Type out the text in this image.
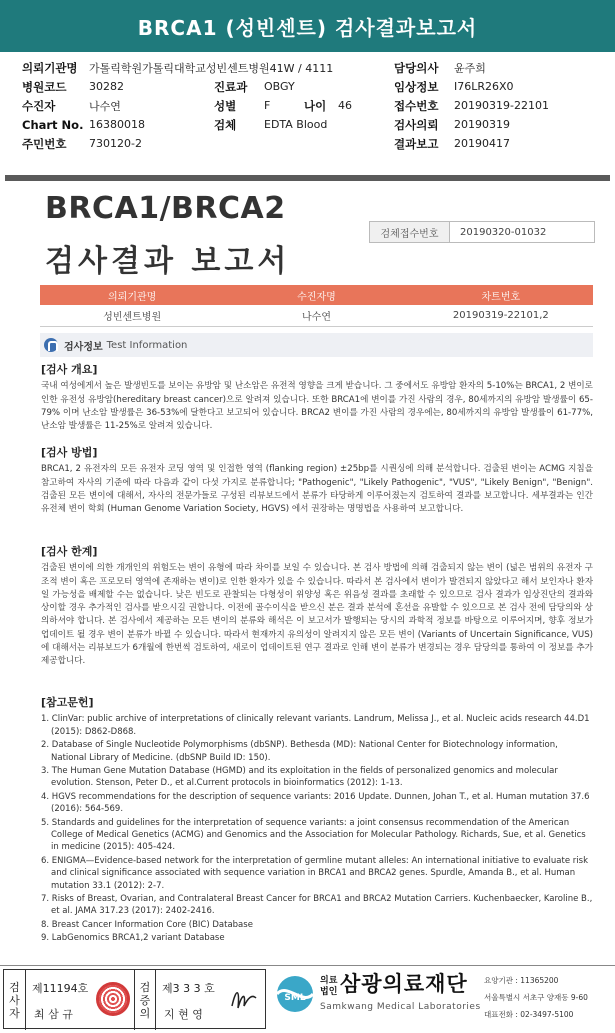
BRCA1 (성빈센트) 검사결과보고서
의뢰기관명	가톨릭학원가톨릭대학교성빈센트병원41W / 4111	담당의사	윤주희
병원코드	30282	진료과	OBGY	임상정보	I76LR26X0
수진자	나수연	성별	F	나이	46	접수번호	20190319-22101
Chart No. 16380018	검체	EDTA Blood	검사의뢰	20190319
주민번호	730120-2	결과보고	20190417
BRCA1/BRCA2
검사결과 보고서
검체접수번호	20190320-01032
의뢰기관명	수진자명	차트번호
성빈센트병원	나수연	20190319-22101,2
검사정보 Test Information
[검사 개요]

국내 여성에게서 높은 발생빈도를 보이는 유방암 및 난소암은 유전적 영향을 크게 받습니다. 그 중에서도 유방암 환자의 5-10%는 BRCA1, 2 변이로 인한 유전성 유방암(hereditary breast cancer)으로 알려져 있습니다. 또한 BRCA1에 변이를 가진 사람의 경우, 80세까지의 유방암 발생률이 65-79% 이며 난소암 발생률은 36-53%에 달한다고 보고되어 있습니다. BRCA2 변이를 가진 사람의 경우에는, 80세까지의 유방암 발생률이 61-77%, 난소암 발생률은 11-25%로 알려져 있습니다.

[검사 방법]

BRCA1, 2 유전자의 모든 유전자 코딩 영역 및 인접한 영역 (flanking region) ±25bp를 시퀀싱에 의해 분석합니다. 검출된 변이는 ACMG 지침을 참고하여 자사의 기준에 따라 다음과 같이 다섯 가지로 분류합니다; "Pathogenic", "Likely Pathogenic", "VUS", "Likely Benign", "Benign". 검출된 모든 변이에 대해서, 자사의 전문가들로 구성된 리뷰보드에서 분류가 타당하게 이루어졌는지 검토하여 결과를 보고합니다. 세부결과는 인간 유전체 변이 학회 (Human Genome Variation Society, HGVS) 에서 권장하는 명명법을 사용하여 보고합니다.

[검사 한계]

검출된 변이에 의한 개개인의 위험도는 변이 유형에 따라 차이를 보일 수 있습니다. 본 검사 방법에 의해 검출되지 않는 변이 (넓은 범위의 유전자 구조적 변이 혹은 프로모터 영역에 존재하는 변이)로 인한 환자가 있을 수 있습니다. 따라서 본 검사에서 변이가 발견되지 않았다고 해서 보인자나 환자일 가능성을 배제할 수는 없습니다. 낮은 빈도로 관찰되는 다형성이 위양성 혹은 위음성 결과를 초래할 수 있으므로 검사 결과가 임상진단의 결과와 상이할 경우 추가적인 검사를 받으시길 권합니다. 이전에 골수이식을 받으신 분은 결과 분석에 혼선을 유발할 수 있으므로 본 검사 전에 담당의와 상의하셔야 합니다. 본 검사에서 제공하는 모든 변이의 분류와 해석은 이 보고서가 발행되는 당시의 과학적 정보를 바탕으로 이루어지며, 향후 정보가 업데이트 될 경우 변이 분류가 바뀔 수 있습니다. 따라서 현재까지 유의성이 알려지지 않은 모든 변이 (Variants of Uncertain Significance, VUS)에 대해서는 리뷰보드가 6개월에 한번씩 검토하여, 새로이 업데이트된 연구 결과로 인해 변이 분류가 변경되는 경우 담당의를 통하여 이 정보를 추가 제공합니다.

[참고문헌]
1. ClinVar: public archive of interpretations of clinically relevant variants. Landrum, Melissa J., et al. Nucleic acids research 44.D1 (2015): D862-D868.
2. Database of Single Nucleotide Polymorphisms (dbSNP). Bethesda (MD): National Center for Biotechnology information, National Library of Medicine. (dbSNP Build ID: 150).
3. The Human Gene Mutation Database (HGMD) and its exploitation in the fields of personalized genomics and molecular evolution. Stenson, Peter D., et al.Current protocols in bioinformatics (2012): 1-13.
4. HGVS recommendations for the description of sequence variants: 2016 Update. Dunnen, Johan T., et al. Human mutation 37.6 (2016): 564-569.
5. Standards and guidelines for the interpretation of sequence variants: a joint consensus recommendation of the American College of Medical Genetics (ACMG) and Genomics and the Association for Molecular Pathology. Richards, Sue, et al. Genetics in medicine (2015): 405-424.
6. ENIGMA—Evidence-based network for the interpretation of germline mutant alleles: An international initiative to evaluate risk and clinical significance associated with sequence variation in BRCA1 and BRCA2 genes. Spurdle, Amanda B., et al. Human mutation 33.1 (2012): 2-7.
7. Risks of Breast, Ovarian, and Contralateral Breast Cancer for BRCA1 and BRCA2 Mutation Carriers. Kuchenbaecker, Karoline B., et al. JAMA 317.23 (2017): 2402-2416.
8. Breast Cancer Information Core (BIC) Database
9. LabGenomics BRCA1,2 variant Database
검
사
자
제11194호
최 삼 규
검
증
의
제3 3 3 호
지 현 영
SML
의료
법인 삼광의료재단
Samkwang Medical Laboratories
요양기관 : 11365200
서울특별시 서초구 양재동 9-60
대표전화 : 02-3497-5100
